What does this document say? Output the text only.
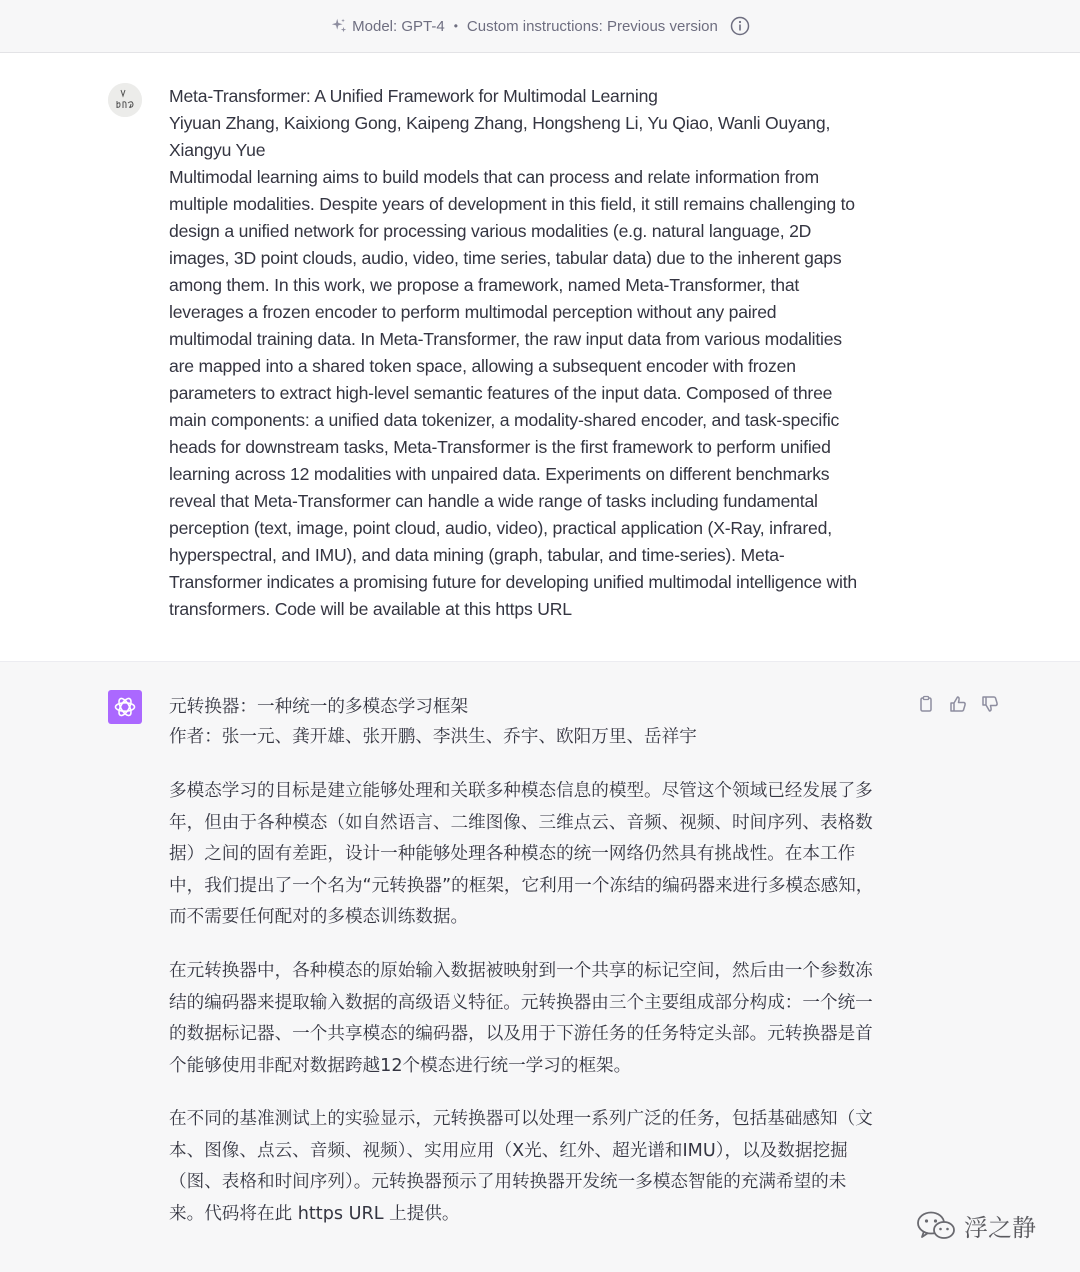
Model: GPT-4 • Custom instructions: Previous version
Meta-Transformer: A Unified Framework for Multimodal Learning
Yiyuan Zhang, Kaixiong Gong, Kaipeng Zhang, Hongsheng Li, Yu Qiao, Wanli Ouyang,
Xiangyu Yue
Multimodal learning aims to build models that can process and relate information from
multiple modalities. Despite years of development in this field, it still remains challenging to
design a unified network for processing various modalities (e.g. natural language, 2D
images, 3D point clouds, audio, video, time series, tabular data) due to the inherent gaps
among them. In this work, we propose a framework, named Meta-Transformer, that
leverages a frozen encoder to perform multimodal perception without any paired
multimodal training data. In Meta-Transformer, the raw input data from various modalities
are mapped into a shared token space, allowing a subsequent encoder with frozen
parameters to extract high-level semantic features of the input data. Composed of three
main components: a unified data tokenizer, a modality-shared encoder, and task-specific
heads for downstream tasks, Meta-Transformer is the first framework to perform unified
learning across 12 modalities with unpaired data. Experiments on different benchmarks
reveal that Meta-Transformer can handle a wide range of tasks including fundamental
perception (text, image, point cloud, audio, video), practical application (X-Ray, infrared,
hyperspectral, and IMU), and data mining (graph, tabular, and time-series). Meta-
Transformer indicates a promising future for developing unified multimodal intelligence with
transformers. Code will be available at this https URL
元转换器：一种统一的多模态学习框架
作者：张一元、龚开雄、张开鹏、李洪生、乔宇、欧阳万里、岳祥宇
多模态学习的目标是建立能够处理和关联多种模态信息的模型。尽管这个领域已经发展了多
年，但由于各种模态（如自然语言、二维图像、三维点云、音频、视频、时间序列、表格数
据）之间的固有差距，设计一种能够处理各种模态的统一网络仍然具有挑战性。在本工作
中，我们提出了一个名为“元转换器”的框架，它利用一个冻结的编码器来进行多模态感知，
而不需要任何配对的多模态训练数据。
在元转换器中，各种模态的原始输入数据被映射到一个共享的标记空间，然后由一个参数冻
结的编码器来提取输入数据的高级语义特征。元转换器由三个主要组成部分构成：一个统一
的数据标记器、一个共享模态的编码器，以及用于下游任务的任务特定头部。元转换器是首
个能够使用非配对数据跨越12个模态进行统一学习的框架。
在不同的基准测试上的实验显示，元转换器可以处理一系列广泛的任务，包括基础感知（文
本、图像、点云、音频、视频）、实用应用（X光、红外、超光谱和IMU），以及数据挖掘
（图、表格和时间序列）。元转换器预示了用转换器开发统一多模态智能的充满希望的未
来。代码将在此 https URL 上提供。
浮之静
